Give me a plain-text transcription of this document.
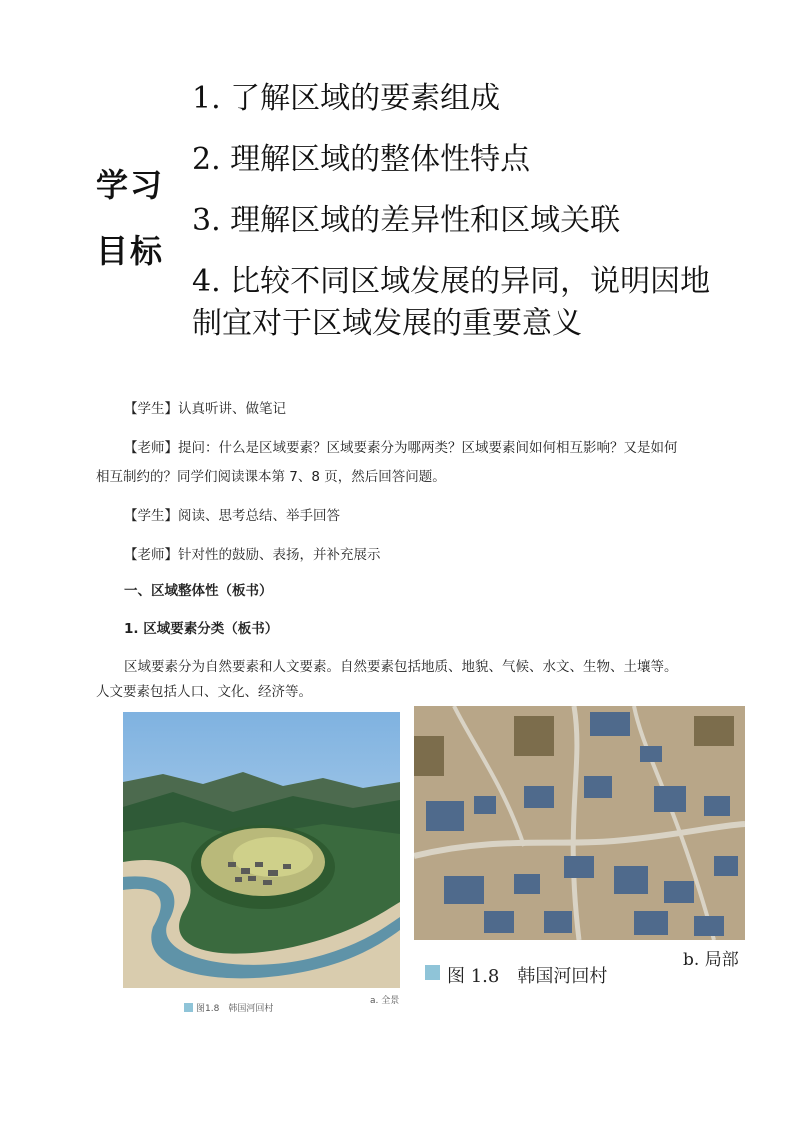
学习
目标
1. 了解区域的要素组成
2. 理解区域的整体性特点
3. 理解区域的差异性和区域关联
4. 比较不同区域发展的异同，说明因地
制宜对于区域发展的重要意义
【学生】认真听讲、做笔记
【老师】提问：什么是区域要素？区域要素分为哪两类？区域要素间如何相互影响？又是如何
相互制约的？同学们阅读课本第 7、8 页，然后回答问题。
【学生】阅读、思考总结、举手回答
【老师】针对性的鼓励、表扬，并补充展示
一、区域整体性（板书）
1. 区域要素分类（板书）
区域要素分为自然要素和人文要素。自然要素包括地质、地貌、气候、水文、生物、土壤等。
人文要素包括人口、文化、经济等。
图1.8　韩国河回村
a. 全景
b. 局部
图 1.8　韩国河回村
